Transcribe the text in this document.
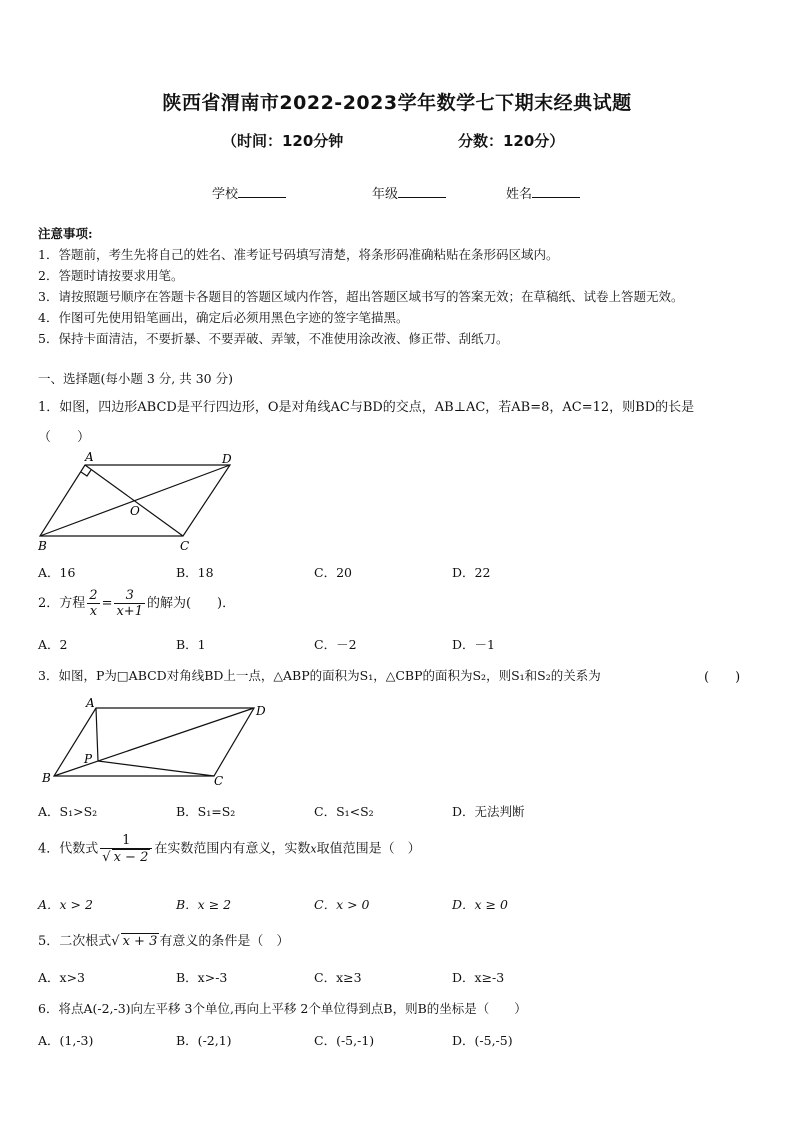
陕西省渭南市2022-2023学年数学七下期末经典试题
（时间：120分钟	分数：120分）
学校	年级	姓名
注意事项:
1．答题前，考生先将自己的姓名、准考证号码填写清楚，将条形码准确粘贴在条形码区域内。
2．答题时请按要求用笔。
3．请按照题号顺序在答题卡各题目的答题区域内作答，超出答题区域书写的答案无效；在草稿纸、试卷上答题无效。
4．作图可先使用铅笔画出，确定后必须用黑色字迹的签字笔描黑。
5．保持卡面清洁，不要折暴、不要弄破、弄皱，不准使用涂改液、修正带、刮纸刀。
一、选择题(每小题 3 分, 共 30 分)
1．如图，四边形ABCD是平行四边形，O是对角线AC与BD的交点，AB⊥AC，若AB=8，AC=12，则BD的长是
（　　）
A	D
B	C
O
A．16	B．18	C．20	D．22
2．方程 $\frac{2}{x} = \frac{3}{x+1}$ 的解为(　　)．
A．2	B．1	C．－2	D．－1
3．如图，P为□ABCD对角线BD上一点，△ABP的面积为S₁，△CBP的面积为S₂，则S₁和S₂的关系为	(　　)
A
D
B	C
P
A．S₁>S₂	B．S₁=S₂	C．S₁<S₂	D．无法判断
4．代数式 $\frac{1}{√ x - 2}$ 在实数范围内有意义，实数x取值范围是（　）
A．x > 2	B．x ≥ 2	C．x > 0	D．x ≥ 0
5．二次根式√ x + 3 有意义的条件是（　）
A．x>3	B．x>-3	C．x≥3	D．x≥-3
6．将点A(-2,-3)向左平移 3个单位,再向上平移 2个单位得到点B，则B的坐标是（　　）
A．(1,-3)	B．(-2,1)	C．(-5,-1)	D．(-5,-5)
